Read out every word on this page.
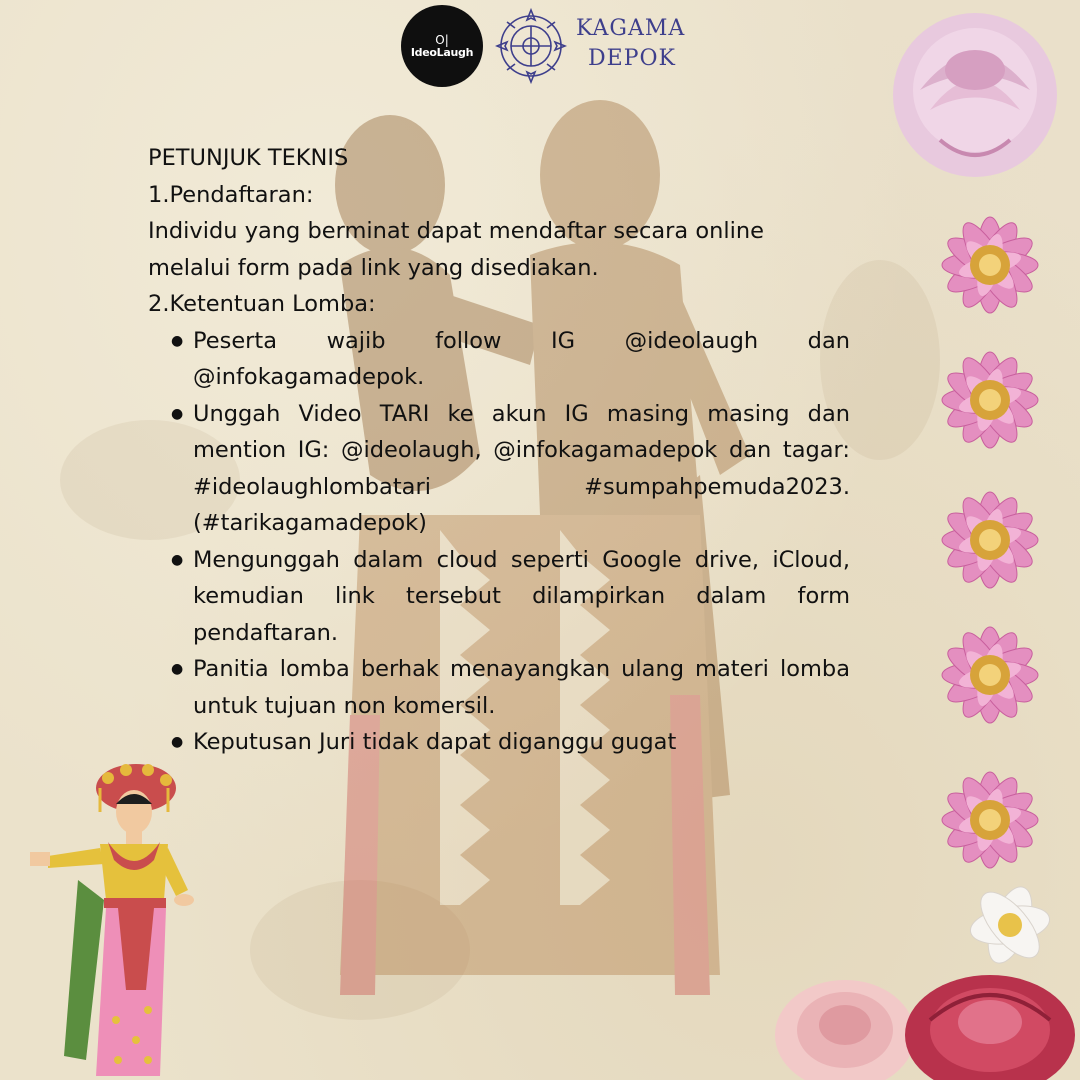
O|
IdeoLaugh
KAGAMA
DEPOK

PETUNJUK TEKNIS

1.Pendaftaran:

Individu yang berminat dapat mendaftar secara online

melalui form pada link yang disediakan.

2.Ketentuan Lomba:

● Peserta wajib follow IG @ideolaugh dan @infokagamadepok.
● Unggah Video TARI ke akun IG masing masing dan mention IG: @ideolaugh, @infokagamadepok dan tagar: #ideolaughlombatari #sumpahpemuda2023. (#tarikagamadepok)
● Mengunggah dalam cloud seperti Google drive, iCloud, kemudian link tersebut dilampirkan dalam form pendaftaran.
● Panitia lomba berhak menayangkan ulang materi lomba untuk tujuan non komersil.
● Keputusan Juri tidak dapat diganggu gugat
